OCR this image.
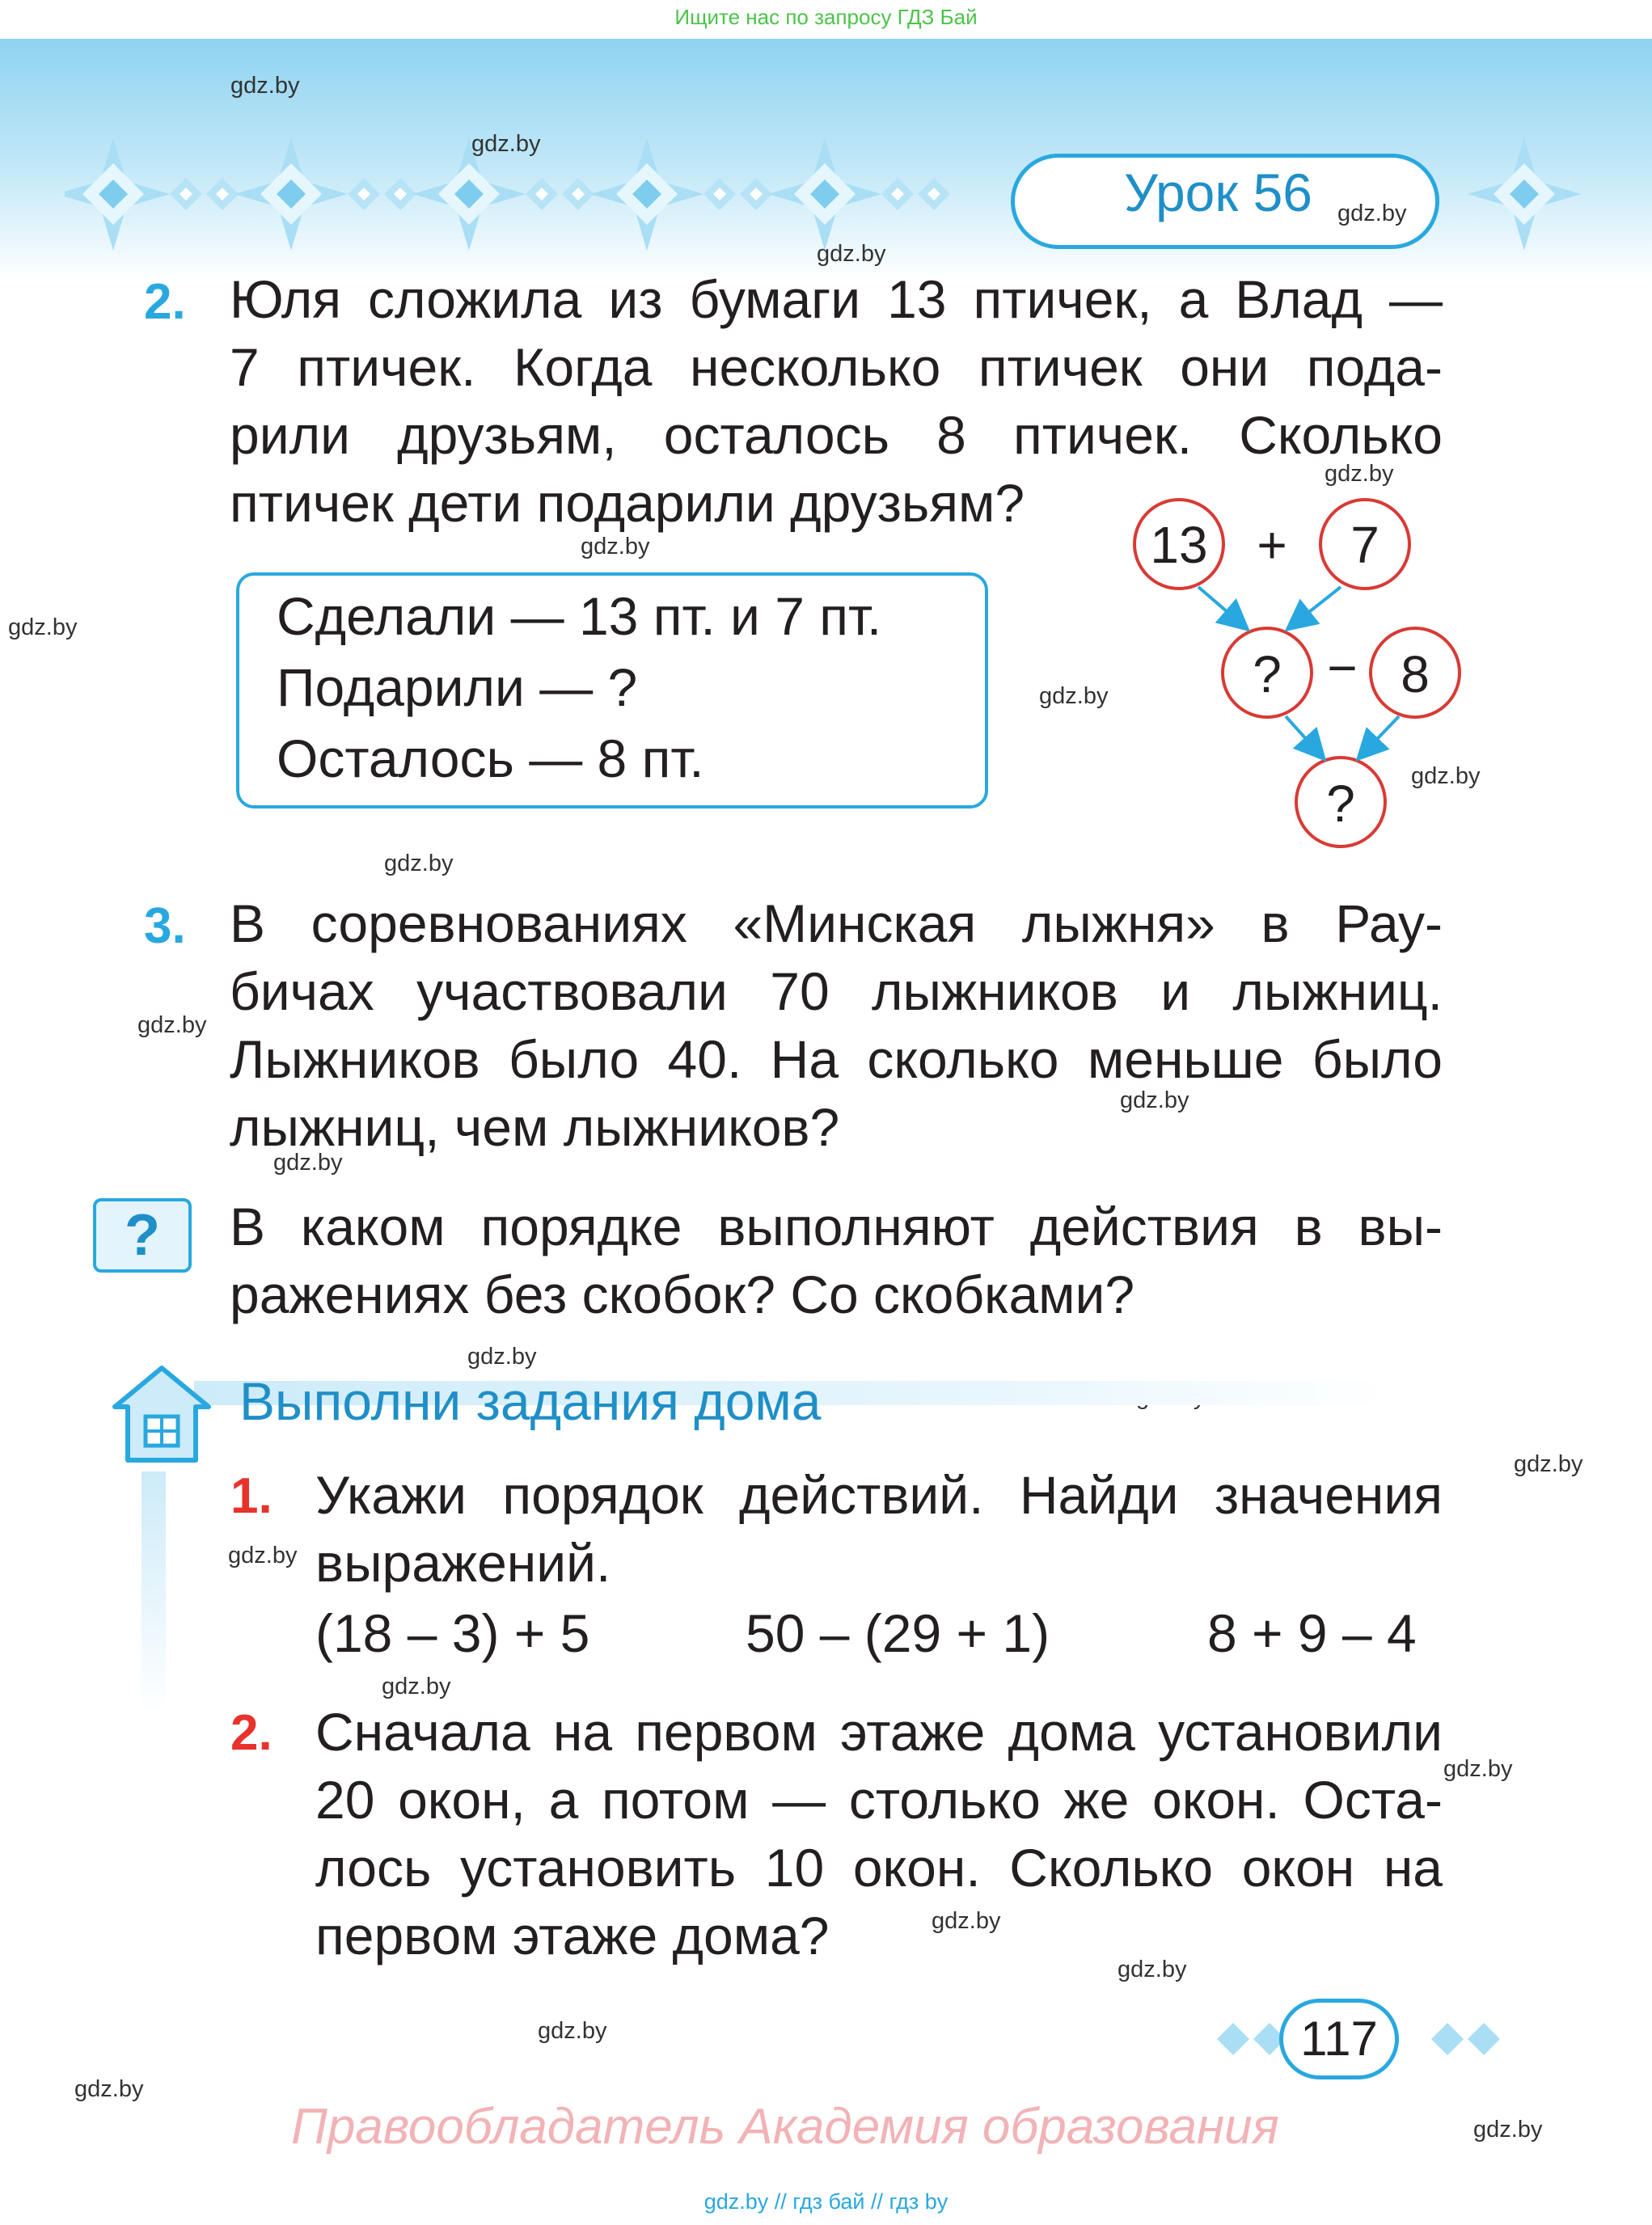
Ищите нас по запросу ГДЗ Бай
Урок 56
gdz.by
gdz.by
gdz.by
gdz.by
gdz.by
gdz.by
gdz.by
gdz.by
gdz.by
gdz.by
gdz.by
gdz.by
gdz.by
gdz.by
gdz.by
gdz.by
gdz.by
gdz.by
gdz.by
gdz.by
gdz.by
gdz.by
gdz.by
2. Юля сложила из бумаги 13 птичек, а Влад —
7 птичек. Когда несколько птичек они пода-
рили друзьям, осталось 8 птичек. Сколько
птичек дети подарили друзьям?
Сделали — 13 пт. и 7 пт.
Подарили — ?
Осталось — 8 пт.
13 + 7
? − 8
?
3. В соревнованиях «Минская лыжня» в Рау-
бичах участвовали 70 лыжников и лыжниц.
Лыжников было 40. На сколько меньше было
лыжниц, чем лыжников?
?	В каком порядке выполняют действия в вы-
ражениях без скобок? Со скобками?
Выполни задания дома
1. Укажи порядок действий. Найди значения
выражений.
(18 – 3) + 5	50 – (29 + 1)	8 + 9 – 4
2. Сначала на первом этаже дома установили
20 окон, а потом — столько же окон. Оста-
лось установить 10 окон. Сколько окон на
первом этаже дома?
117
Правообладатель Академия образования
gdz.by // гдз бай // гдз by
